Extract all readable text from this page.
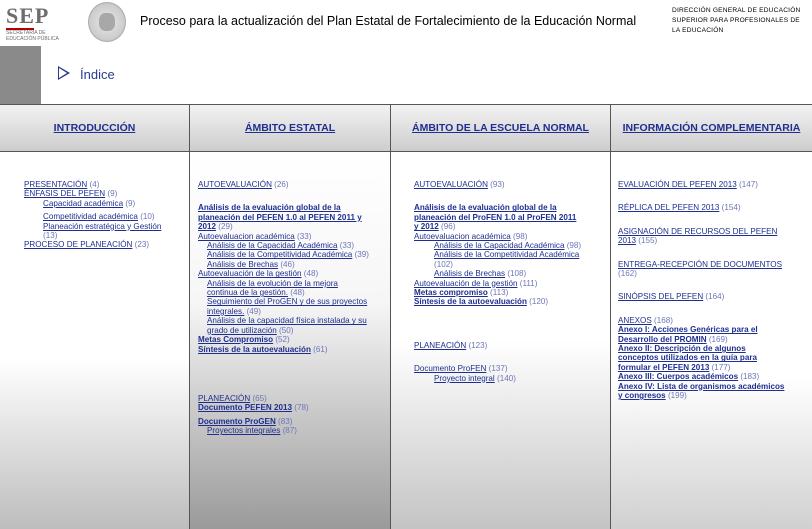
SEP
SECRETARÍA DE EDUCACIÓN PÚBLICA
Proceso para la actualización del Plan Estatal de Fortalecimiento de la Educación Normal
DIRECCIÓN GENERAL DE EDUCACIÓN
SUPERIOR PARA PROFESIONALES DE
LA EDUCACIÓN
Índice
INTRODUCCIÓN	ÁMBITO ESTATAL	ÁMBITO DE LA ESCUELA NORMAL	INFORMACIÓN COMPLEMENTARIA
PRESENTACIÓN (4)
ÉNFASIS DEL PEFEN (9)
Capacidad académica (9)
Competitividad académica (10)
Planeación estratégica y Gestión
(13)
PROCESO DE PLANEACIÓN (23)
AUTOEVALUACIÓN (26)
Análisis de la evaluación global de la
planeación del PEFEN 1.0 al PEFEN 2011 y
2012 (29)
Autoevaluacion académica (33)
Análisis de la Capacidad Académica (33)
Análisis de la Competitividad Académica (39)
Análisis de Brechas (46)
Autoevaluación de la gestión (48)
Análisis de la evolución de la mejora
continua de la gestión. (48)
Seguimiento del ProGEN y de sus proyectos
integrales. (49)
Análisis de la capacidad física instalada y su
grado de utilización (50)
Metas Compromiso (52)
Síntesis de la autoevaluación (61)
PLANEACIÓN (65)
Documento PEFEN 2013 (78)
Documento ProGEN (83)
Proyectos integrales (87)
AUTOEVALUACIÓN (93)
Análisis de la evaluación global de la
planeación del ProFEN 1.0 al ProFEN 2011
y 2012 (96)
Autoevaluacion académica (98)
Análisis de la Capacidad Académica (98)
Análisis de la Competitividad Académica
(102)
Análisis de Brechas (108)
Autoevaluación de la gestión (111)
Metas compromiso (113)
Síntesis de la autoevaluación (120)
PLANEACIÓN (123)
Documento ProFEN (137)
Proyecto integral (140)
EVALUACIÓN DEL PEFEN 2013 (147)
RÉPLICA DEL PEFEN 2013 (154)
ASIGNACIÓN DE RECURSOS DEL PEFEN
2013 (155)
ENTREGA-RECEPCIÓN DE DOCUMENTOS
(162)
SINÓPSIS DEL PEFEN (164)
ANEXOS (168)
Anexo I: Acciones Genéricas para el
Desarrollo del PROMIN (169)
Anexo II: Descripción de algunos
conceptos utilizados en la guía para
formular el PEFEN 2013 (177)
Anexo III: Cuerpos académicos (183)
Anexo IV: Lista de organismos académicos
y congresos (199)
